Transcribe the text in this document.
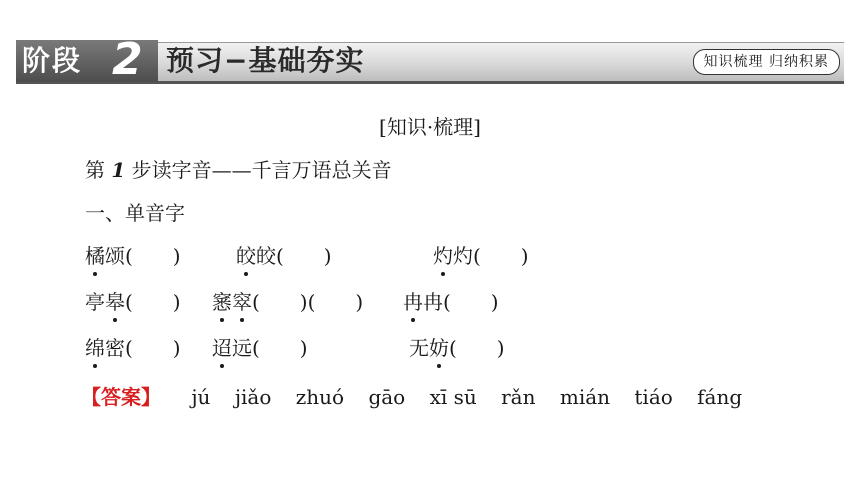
阶段 2 预习−基础夯实	知识梳理 归纳积累
[知识·梳理]
第 1 步读字音——千言万语总关音
一、单音字
橘颂(　　)	皎皎(　　)	灼灼(　　)
亭皋(　　) 窸窣(　　)(　　) 冉冉(　　)
绵密(　　) 迢远(　　)	无妨(　　)
【答案】 jú jiǎo zhuó gāo xī sū rǎn mián tiáo fáng
